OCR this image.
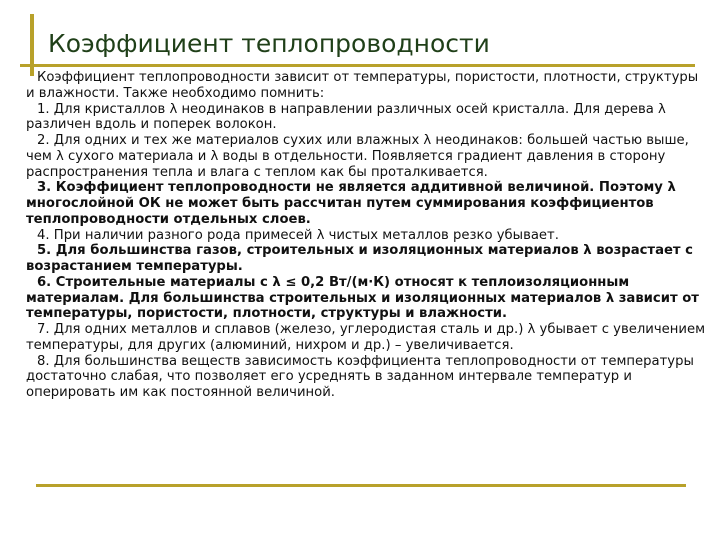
Коэффициент теплопроводности

Коэффициент теплопроводности зависит от температуры, пористости, плотности, структуры и влажности. Также необходимо помнить:

1. Для кристаллов λ неодинаков в направлении различных осей кристалла. Для дерева λ различен вдоль и поперек волокон.

2. Для одних и тех же материалов сухих или влажных λ неодинаков: большей частью выше, чем λ сухого материала и λ воды в отдельности. Появляется градиент давления в сторону распространения тепла и влага с теплом как бы проталкивается.

3. Коэффициент теплопроводности не является аддитивной величиной. Поэтому λ многослойной ОК не может быть рассчитан путем суммирования коэффициентов теплопроводности отдельных слоев.

4. При наличии разного рода примесей λ чистых металлов резко убывает.

5. Для большинства газов, строительных и изоляционных материалов λ возрастает с возрастанием температуры.

6. Строительные материалы с λ ≤ 0,2 Вт/(м·К) относят к теплоизоляционным материалам. Для большинства строительных и изоляционных материалов λ зависит от температуры, пористости, плотности, структуры и влажности.

7. Для одних металлов и сплавов (железо, углеродистая сталь и др.) λ убывает с увеличением температуры, для других (алюминий, нихром и др.) – увеличивается.

8. Для большинства веществ зависимость коэффициента теплопроводности от температуры достаточно слабая, что позволяет его усреднять в заданном интервале температур и оперировать им как постоянной величиной.
